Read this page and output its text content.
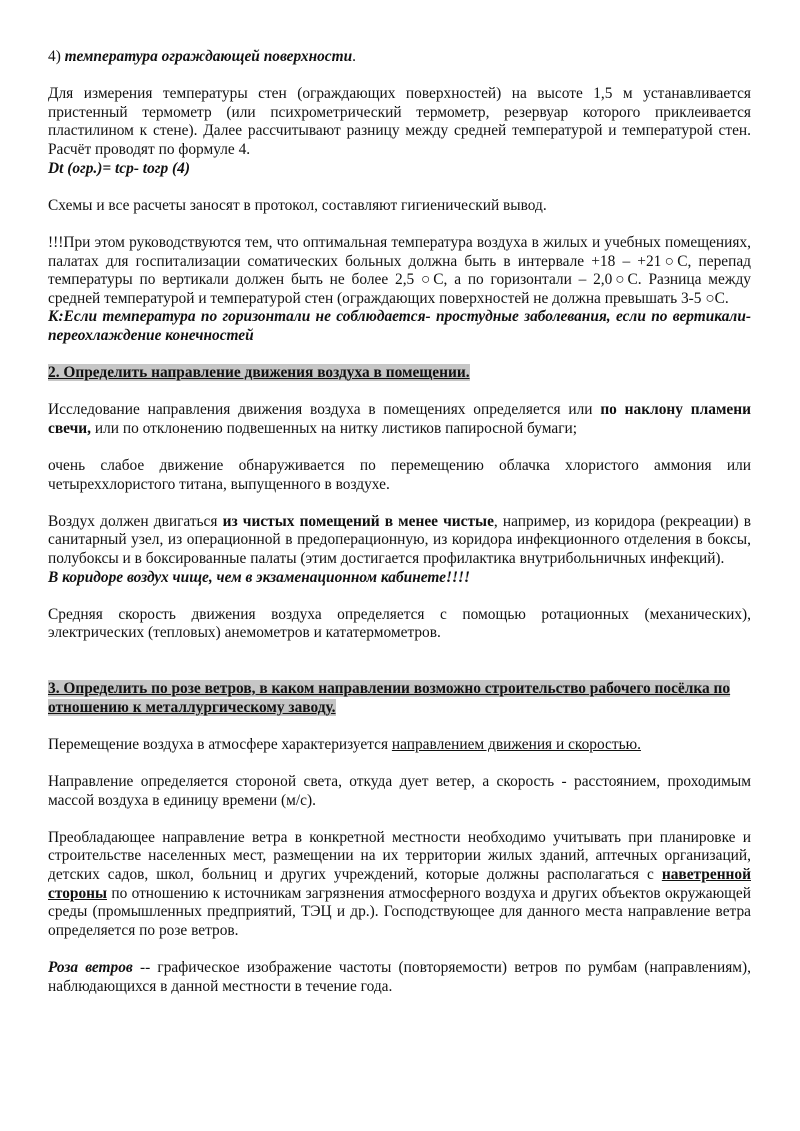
4) температура ограждающей поверхности.

Для измерения температуры стен (ограждающих поверхностей) на высоте 1,5 м устанавливается пристенный термометр (или психрометрический термометр, резервуар которого приклеивается пластилином к стене). Далее рассчитывают разницу между средней температурой и температурой стен. Расчёт проводят по формуле 4.

Dt (огр.)= tср- tогр (4)

Схемы и все расчеты заносят в протокол, составляют гигиенический вывод.

!!!При этом руководствуются тем, что оптимальная температура воздуха в жилых и учебных помещениях, палатах для госпитализации соматических больных должна быть в интервале +18 – +21○С, перепад температуры по вертикали должен быть не более 2,5 ○С, а по горизонтали – 2,0○С. Разница между средней температурой и температурой стен (ограждающих поверхностей не должна превышать 3-5 ○С.

К:Если температура по горизонтали не соблюдается- простудные заболевания, если по вертикали-переохлаждение конечностей

2. Определить направление движения воздуха в помещении.

Исследование направления движения воздуха в помещениях определяется или по наклону пламени свечи, или по отклонению подвешенных на нитку листиков папиросной бумаги;

очень слабое движение обнаруживается по перемещению облачка хлористого аммония или четыреххлористого титана, выпущенного в воздухе.

Воздух должен двигаться из чистых помещений в менее чистые, например, из коридора (рекреации) в санитарный узел, из операционной в предоперационную, из коридора инфекционного отделения в боксы, полубоксы и в боксированные палаты (этим достигается профилактика внутрибольничных инфекций).

В коридоре воздух чище, чем в экзаменационном кабинете!!!!

Средняя скорость движения воздуха определяется с помощью ротационных (механических), электрических (тепловых) анемометров и кататермометров.

3. Определить по розе ветров, в каком направлении возможно строительство рабочего посёлка по отношению к металлургическому заводу.

Перемещение воздуха в атмосфере характеризуется направлением движения и скоростью.

Направление определяется стороной света, откуда дует ветер, а скорость - расстоянием, проходимым массой воздуха в единицу времени (м/с).

Преобладающее направление ветра в конкретной местности необходимо учитывать при планировке и строительстве населенных мест, размещении на их территории жилых зданий, аптечных организаций, детских садов, школ, больниц и других учреждений, которые должны располагаться с наветренной стороны по отношению к источникам загрязнения атмосферного воздуха и других объектов окружающей среды (промышленных предприятий, ТЭЦ и др.). Господствующее для данного места направление ветра определяется по розе ветров.

Роза ветров -- графическое изображение частоты (повторяемости) ветров по румбам (направлениям), наблюдающихся в данной местности в течение года.
